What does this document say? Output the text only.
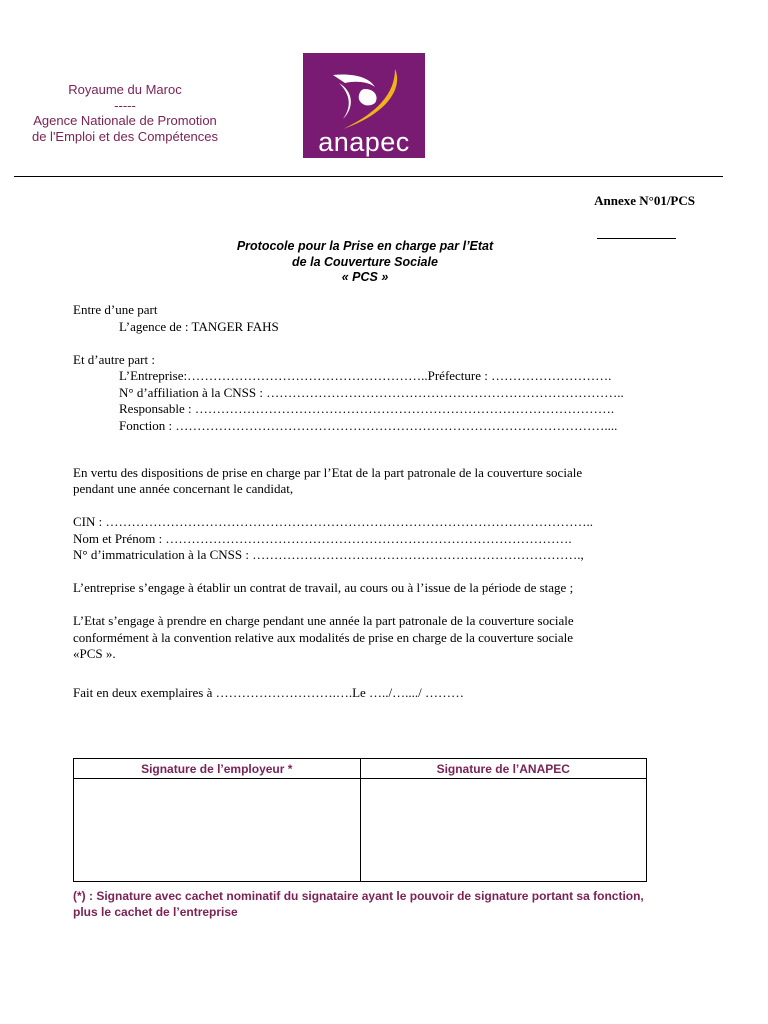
Royaume du Maroc
-----
Agence Nationale de Promotion
de l'Emploi et des Compétences	anapec
Annexe N°01/PCS
Protocole pour la Prise en charge par l’Etat
de la Couverture Sociale
« PCS »

Entre d’une part

L’agence de : TANGER FAHS

Et d’autre part :

L’Entreprise:………………………………………………..Préfecture : ……………………….

N° d’affiliation à la CNSS : ………………………………………………………………………..

Responsable : …………………………………………………………………………………….

Fonction : ………………………………………………………………………………………....

En vertu des dispositions de prise en charge par l’Etat de la part patronale de la couverture sociale

pendant une année concernant le candidat,

CIN : …………………………………………………………………………………………………..

Nom et Prénom : ………………………………………………………………………………….

N° d’immatriculation à la CNSS : ………………………………………………………………….,

L’entreprise s’engage à établir un contrat de travail, au cours ou à l’issue de la période de stage ;

L’Etat s’engage à prendre en charge pendant une année la part patronale de la couverture sociale

conformément à la convention relative aux modalités de prise en charge de la couverture sociale

«PCS ».

Fait en deux exemplaires à ……………………….….Le …../…..../ ………

Signature de l’employeur *	Signature de l’ANAPEC

(*) : Signature avec cachet nominatif du signataire ayant le pouvoir de signature portant sa fonction,
plus le cachet de l’entreprise
